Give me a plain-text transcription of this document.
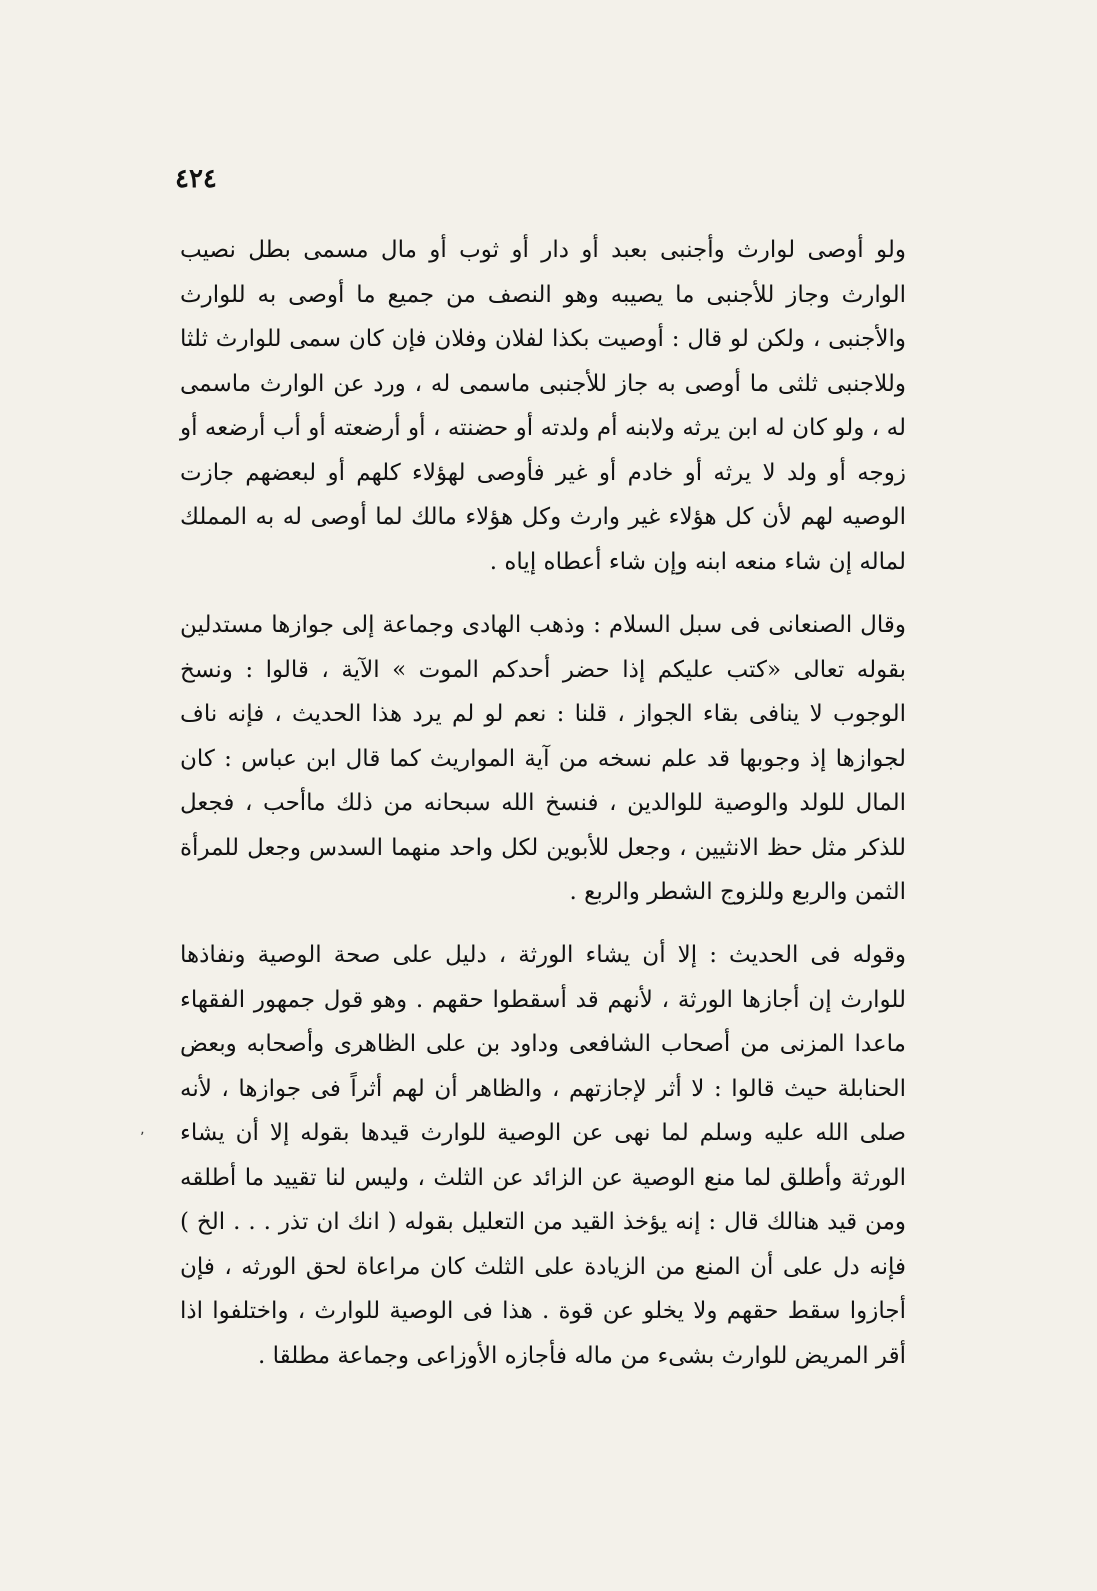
٤٢٤

ولو أوصى لوارث وأجنبى بعبد أو دار أو ثوب أو مال مسمى بطل نصيب الوارث وجاز للأجنبى ما يصيبه وهو النصف من جميع ما أوصى به للوارث والأجنبى ، ولكن لو قال : أوصيت بكذا لفلان وفلان فإن كان سمى للوارث ثلثا وللاجنبى ثلثى ما أوصى به جاز للأجنبى ماسمى له ، ورد عن الوارث ماسمى له ، ولو كان له ابن يرثه ولابنه أم ولدته أو حضنته ، أو أرضعته أو أب أرضعه أو زوجه أو ولد لا يرثه أو خادم أو غير فأوصى لهؤلاء كلهم أو لبعضهم جازت الوصيه لهم لأن كل هؤلاء غير وارث وكل هؤلاء مالك لما أوصى له به المملك لماله إن شاء منعه ابنه وإن شاء أعطاه إياه .

وقال الصنعانى فى سبل السلام : وذهب الهادى وجماعة إلى جوازها مستدلين بقوله تعالى «كتب عليكم إذا حضر أحدكم الموت » الآية ، قالوا : ونسخ الوجوب لا ينافى بقاء الجواز ، قلنا : نعم لو لم يرد هذا الحديث ، فإنه ناف لجوازها إذ وجوبها قد علم نسخه من آية المواريث كما قال ابن عباس : كان المال للولد والوصية للوالدين ، فنسخ الله سبحانه من ذلك ماأحب ، فجعل للذكر مثل حظ الانثيين ، وجعل للأبوين لكل واحد منهما السدس وجعل للمرأة الثمن والربع وللزوج الشطر والربع .

وقوله فى الحديث : إلا أن يشاء الورثة ، دليل على صحة الوصية ونفاذها للوارث إن أجازها الورثة ، لأنهم قد أسقطوا حقهم . وهو قول جمهور الفقهاء ماعدا المزنى من أصحاب الشافعى وداود بن على الظاهرى وأصحابه وبعض الحنابلة حيث قالوا : لا أثر لإجازتهم ، والظاهر أن لهم أثراً فى جوازها ، لأنه صلى الله عليه وسلم لما نهى عن الوصية للوارث قيدها بقوله إلا أن يشاء الورثة وأطلق لما منع الوصية عن الزائد عن الثلث ، وليس لنا تقييد ما أطلقه ومن قيد هنالك قال : إنه يؤخذ القيد من التعليل بقوله ( انك ان تذر . . . الخ ) فإنه دل على أن المنع من الزيادة على الثلث كان مراعاة لحق الورثه ، فإن أجازوا سقط حقهم ولا يخلو عن قوة . هذا فى الوصية للوارث ، واختلفوا اذا أقر المريض للوارث بشىء من ماله فأجازه الأوزاعى وجماعة مطلقا .

٬
